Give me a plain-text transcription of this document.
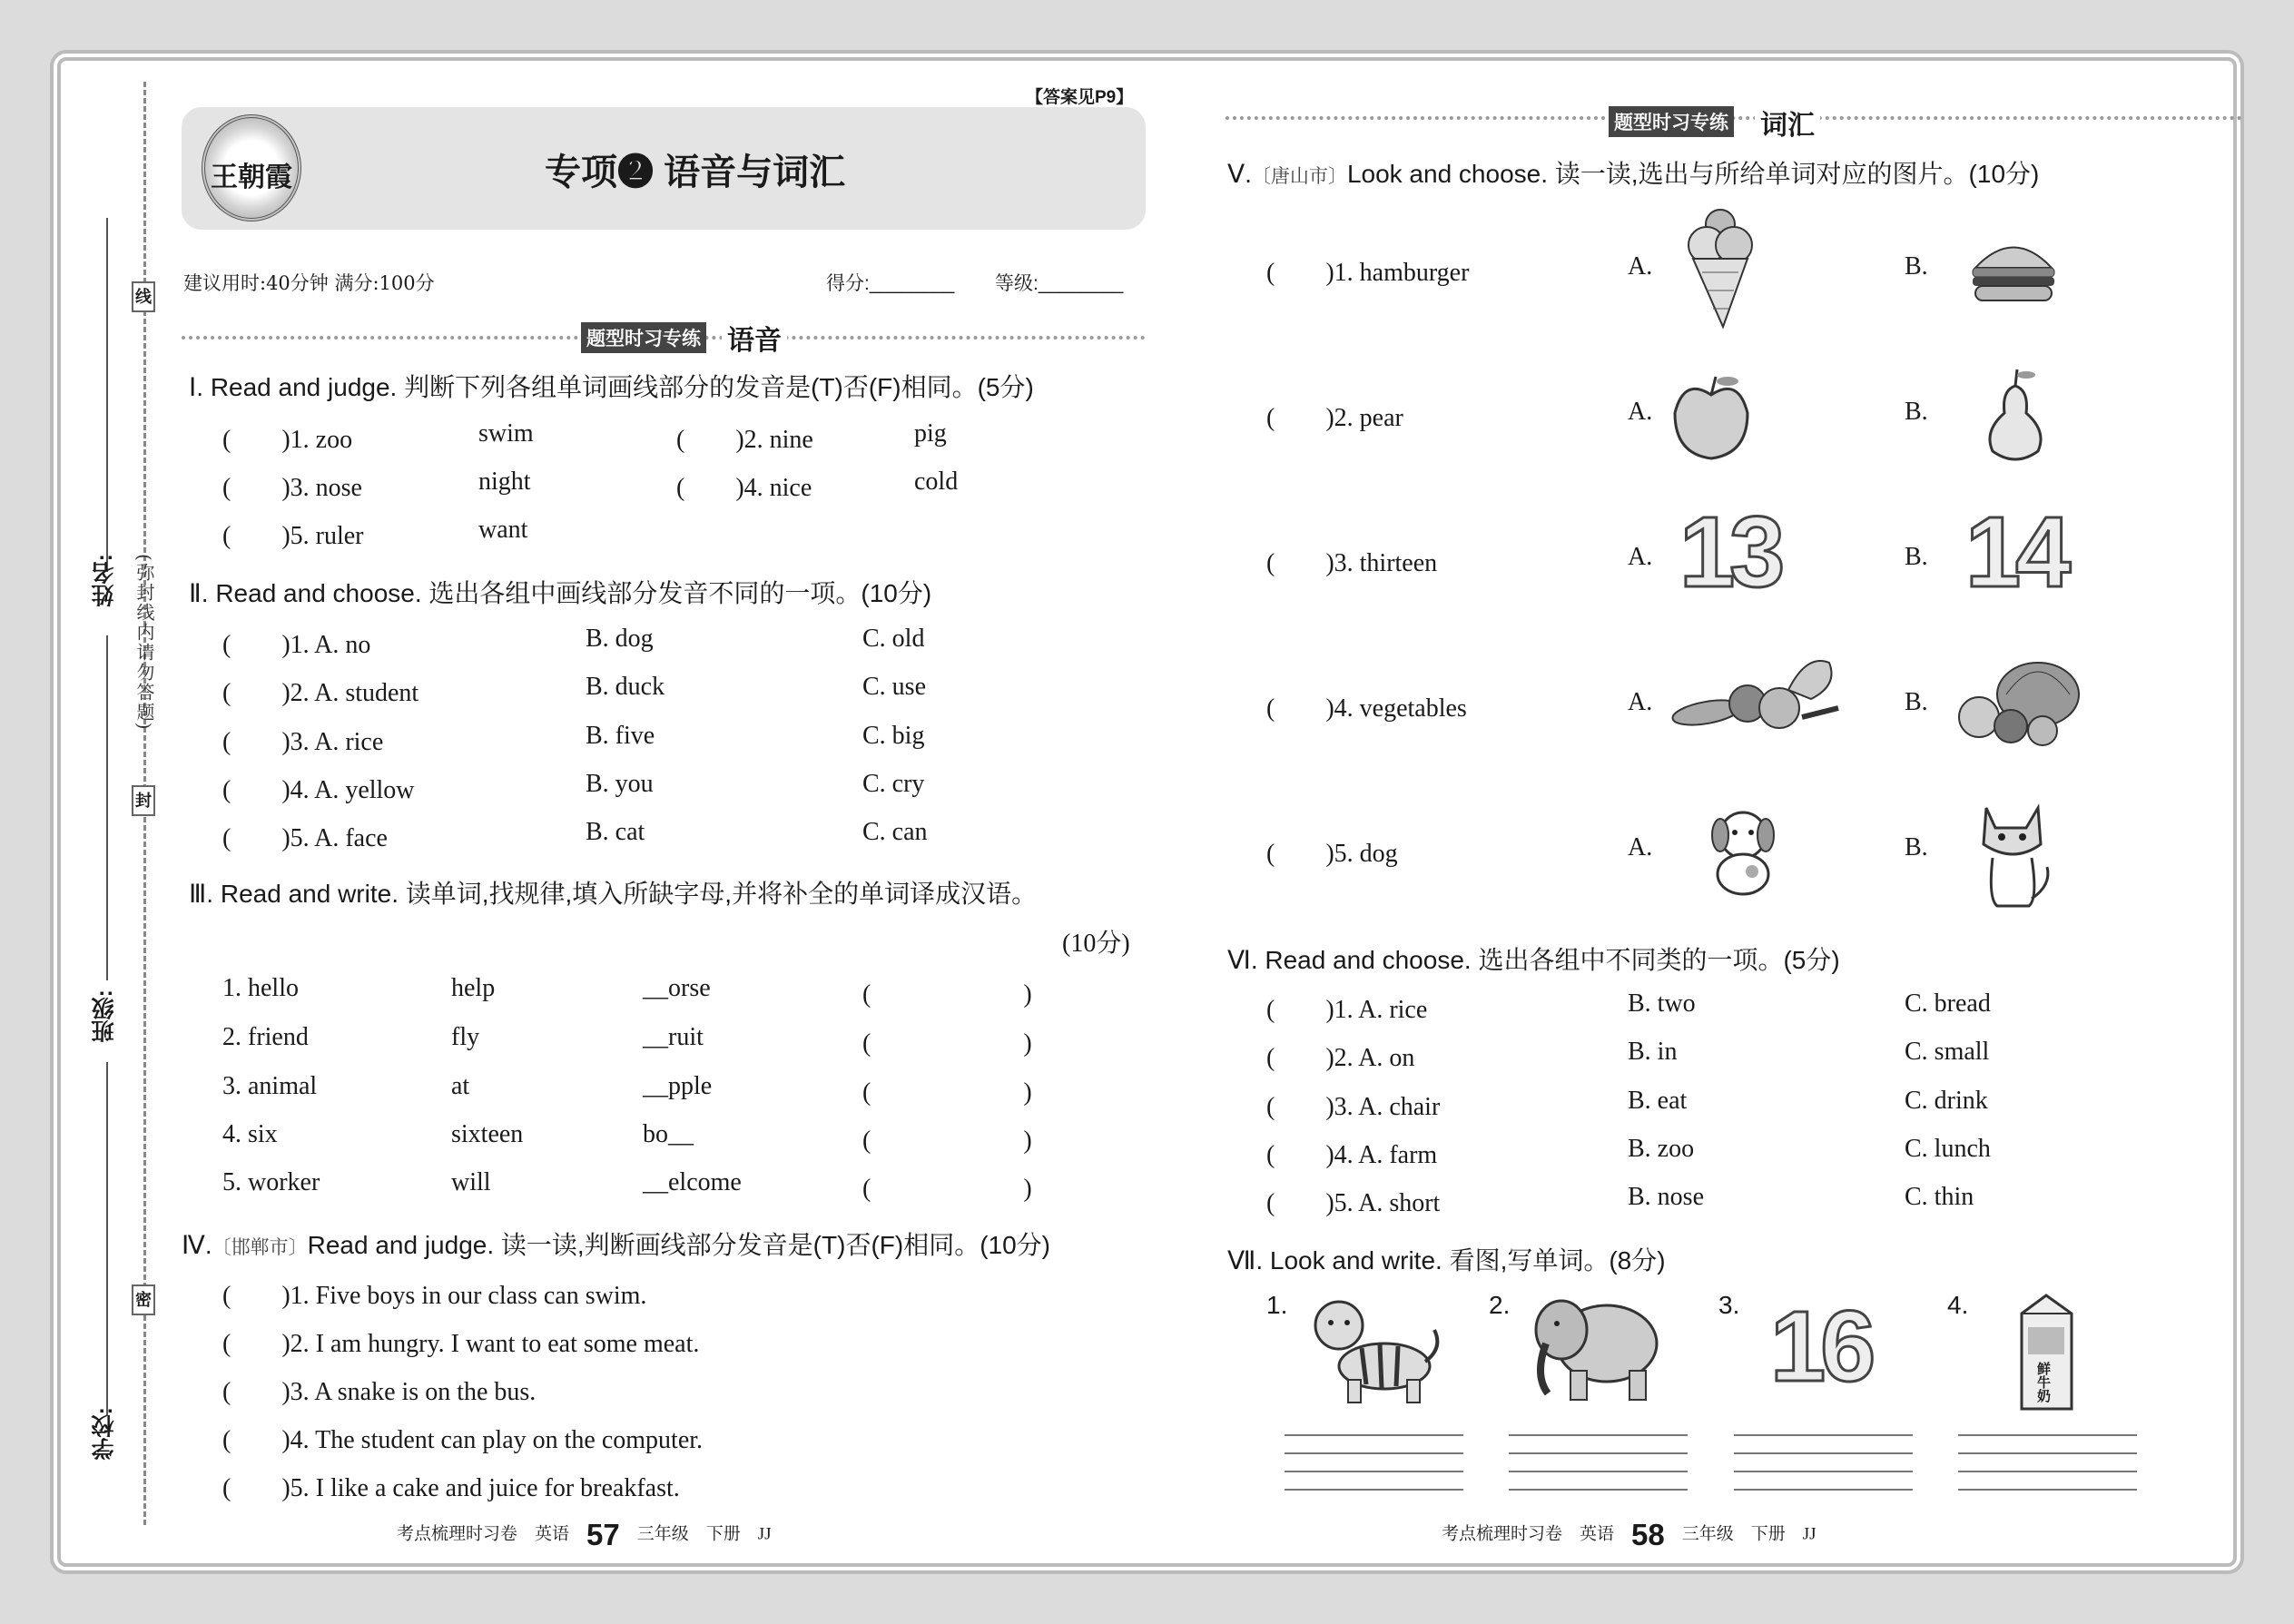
姓名:
班级:
学校:
线
(弥封线内请勿答题)
封
密
王朝霞	专项❷ 语音与词汇
【答案见P9】
建议用时:40分钟 满分:100分	得分:________ 等级:________
题型时习专练 语音
Ⅰ. Read and judge. 判断下列各组单词画线部分的发音是(T)否(F)相同。(5分)
(　　)1. zoo	swim	(　　)2. nine	pig
(　　)3. nose	night	(　　)4. nice	cold
(　　)5. ruler	want
Ⅱ. Read and choose. 选出各组中画线部分发音不同的一项。(10分)
(　　)1. A. no	B. dog	C. old
(　　)2. A. student	B. duck	C. use
(　　)3. A. rice	B. five	C. big
(　　)4. A. yellow	B. you	C. cry
(　　)5. A. face	B. cat	C. can
Ⅲ. Read and write. 读单词,找规律,填入所缺字母,并将补全的单词译成汉语。
(10分)
1. hello	help	__orse	(　　　　　　)
2. friend	fly	__ruit	(　　　　　　)
3. animal	at	__pple	(　　　　　　)
4. six	sixteen	bo__	(　　　　　　)
5. worker	will	__elcome	(　　　　　　)
Ⅳ.〔邯郸市〕Read and judge. 读一读,判断画线部分发音是(T)否(F)相同。(10分)
(　　)1. Five boys in our class can swim.
(　　)2. I am hungry. I want to eat some meat.
(　　)3. A snake is on the bus.
(　　)4. The student can play on the computer.
(　　)5. I like a cake and juice for breakfast.
考点梳理时习卷　英语　 57　 三年级　下册　JJ
题型时习专练 词汇
Ⅴ.〔唐山市〕Look and choose. 读一读,选出与所给单词对应的图片。(10分)
(　　)1. hamburger	A.	B.
(　　)2. pear	A.	B.
(　　)3. thirteen	A.	B.
(　　)4. vegetables	A.	B.
(　　)5. dog	A.	B.
13 14
Ⅵ. Read and choose. 选出各组中不同类的一项。(5分)
(　　)1. A. rice	B. two	C. bread
(　　)2. A. on	B. in	C. small
(　　)3. A. chair	B. eat	C. drink
(　　)4. A. farm	B. zoo	C. lunch
(　　)5. A. short	B. nose	C. thin
Ⅶ. Look and write. 看图,写单词。(8分)
1.	2.	3.	4.
16	鲜牛奶
考点梳理时习卷　英语　 58　 三年级　下册　JJ
